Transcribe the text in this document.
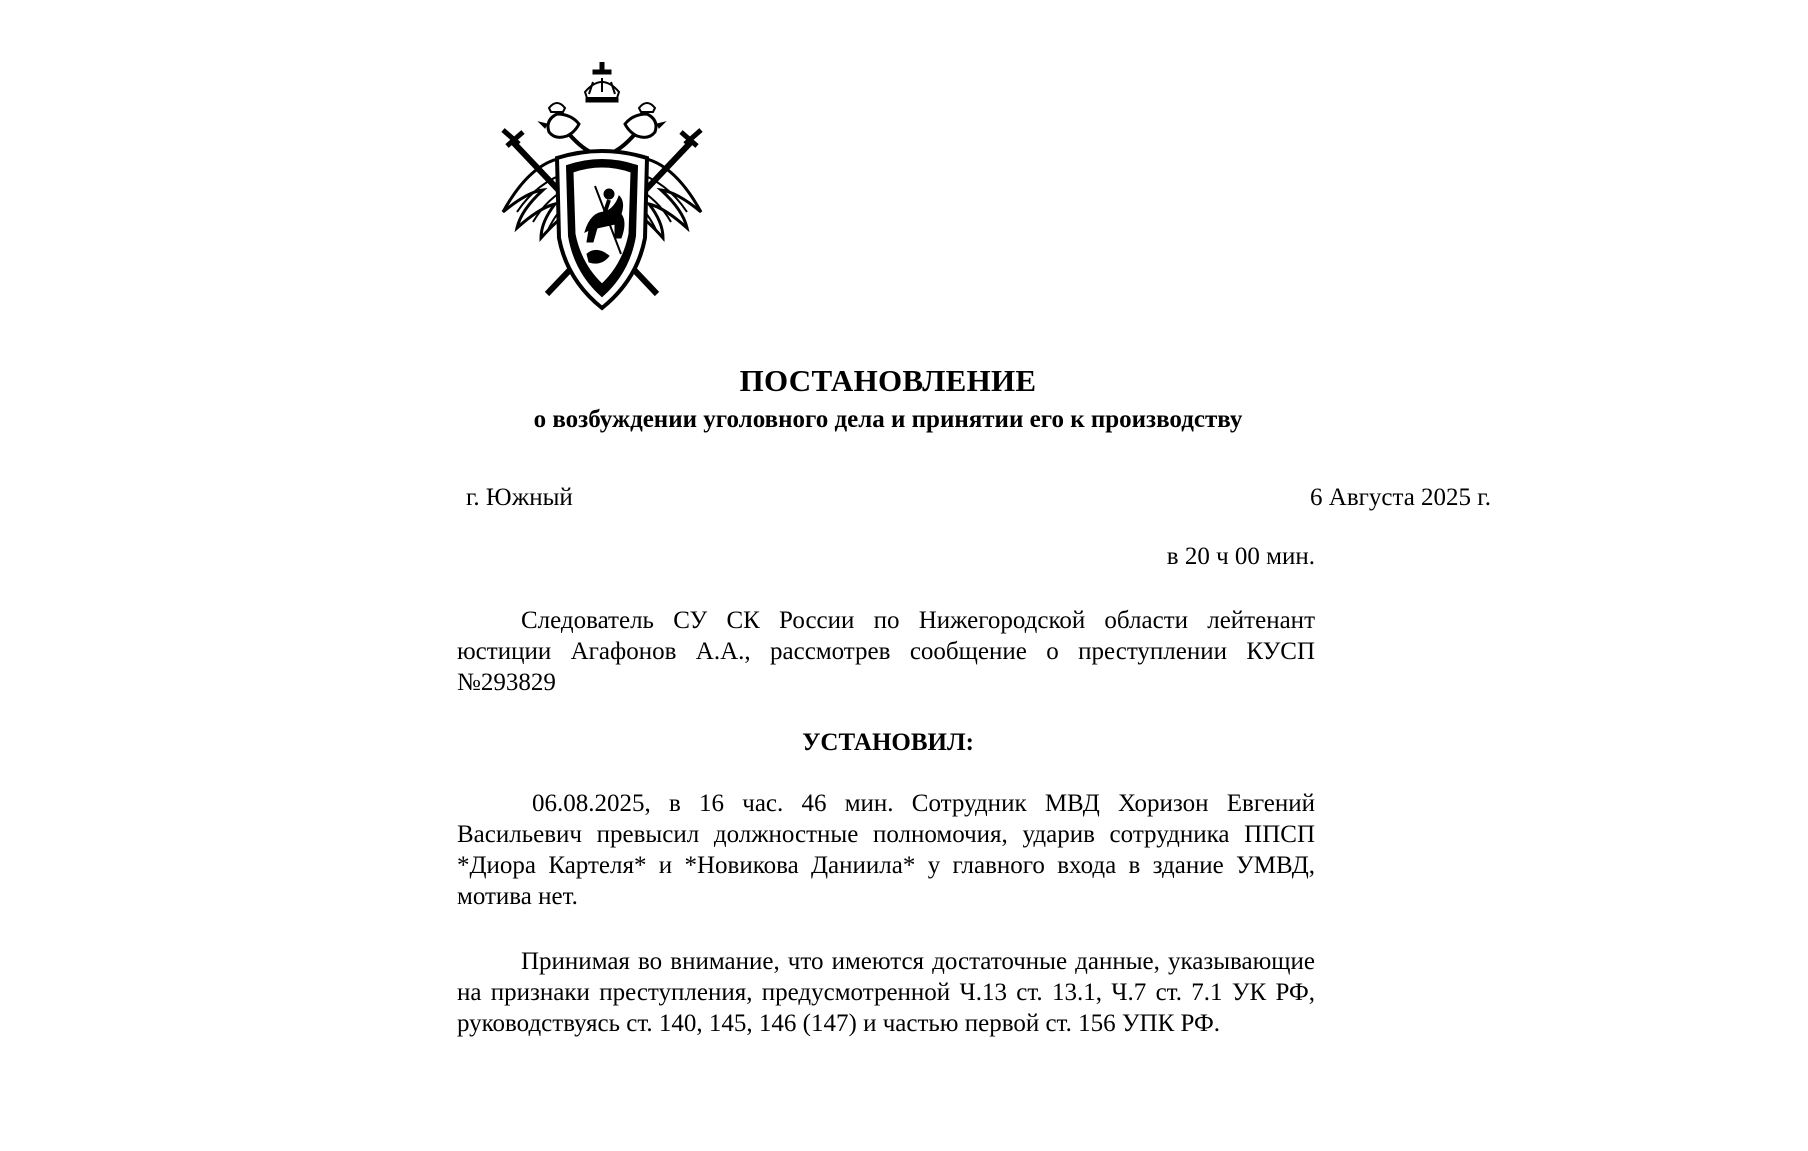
ПОСТАНОВЛЕНИЕ
о возбуждении уголовного дела и принятии его к производству
г. Южный	6 Августа 2025 г.
в 20 ч 00 мин.

Следователь СУ СК России по Нижегородской области лейтенант юстиции Агафонов А.А., рассмотрев сообщение о преступлении КУСП №293829

УСТАНОВИЛ:

06.08.2025, в 16 час. 46 мин. Сотрудник МВД Хоризон Евгений Васильевич превысил должностные полномочия, ударив сотрудника ППСП *Диора Картеля* и *Новикова Даниила* у главного входа в здание УМВД, мотива нет.

Принимая во внимание, что имеются достаточные данные, указывающие на признаки преступления, предусмотренной Ч.13 ст. 13.1, Ч.7 ст. 7.1 УК РФ, руководствуясь ст. 140, 145, 146 (147) и частью первой ст. 156 УПК РФ.
